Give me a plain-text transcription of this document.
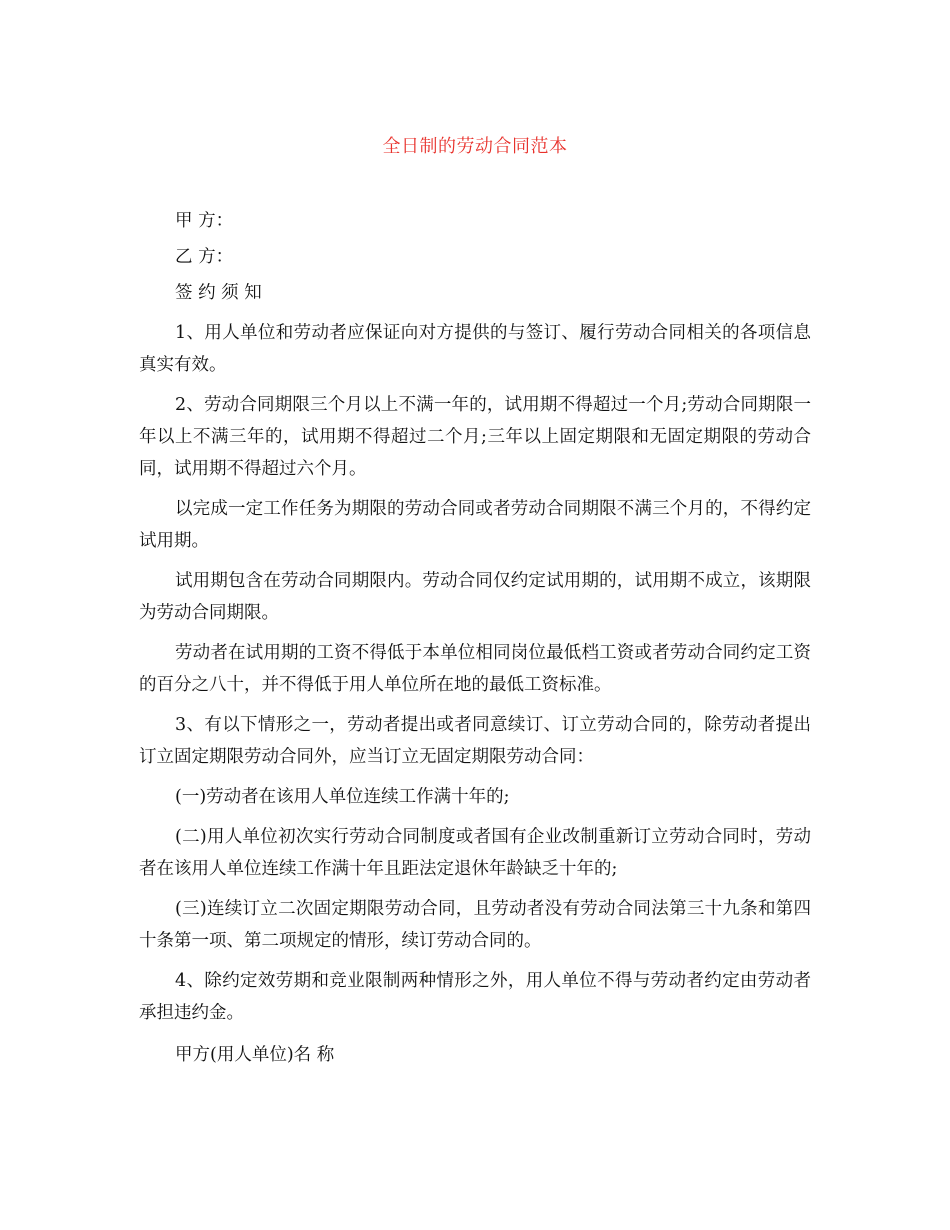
全日制的劳动合同范本

甲 方：

乙 方：

签 约 须 知

1、用人单位和劳动者应保证向对方提供的与签订、履行劳动合同相关的各项信息真实有效。

2、劳动合同期限三个月以上不满一年的，试用期不得超过一个月;劳动合同期限一年以上不满三年的，试用期不得超过二个月;三年以上固定期限和无固定期限的劳动合同，试用期不得超过六个月。

以完成一定工作任务为期限的劳动合同或者劳动合同期限不满三个月的，不得约定试用期。

试用期包含在劳动合同期限内。劳动合同仅约定试用期的，试用期不成立，该期限为劳动合同期限。

劳动者在试用期的工资不得低于本单位相同岗位最低档工资或者劳动合同约定工资的百分之八十，并不得低于用人单位所在地的最低工资标准。

3、有以下情形之一，劳动者提出或者同意续订、订立劳动合同的，除劳动者提出订立固定期限劳动合同外，应当订立无固定期限劳动合同：

(一)劳动者在该用人单位连续工作满十年的;

(二)用人单位初次实行劳动合同制度或者国有企业改制重新订立劳动合同时，劳动者在该用人单位连续工作满十年且距法定退休年龄缺乏十年的;

(三)连续订立二次固定期限劳动合同，且劳动者没有劳动合同法第三十九条和第四十条第一项、第二项规定的情形，续订劳动合同的。

4、除约定效劳期和竞业限制两种情形之外，用人单位不得与劳动者约定由劳动者承担违约金。

甲方(用人单位)名 称
